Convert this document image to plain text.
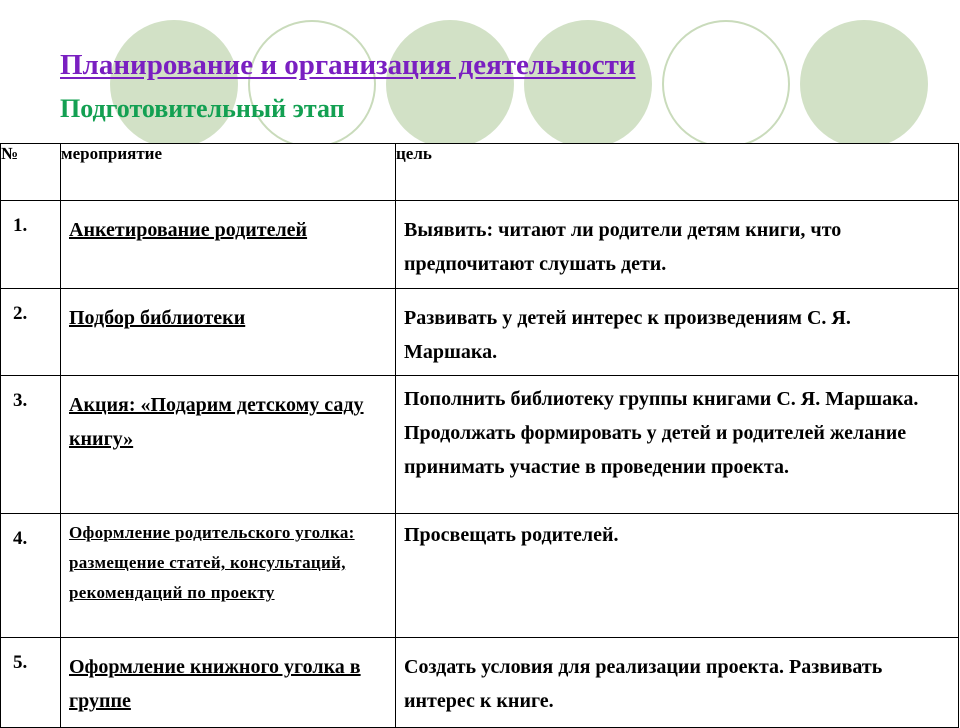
Планирование и организация деятельности
Подготовительный этап
№	мероприятие	цель

1.	Анкетирование родителей	Выявить: читают ли родители детям книги, что предпочитают слушать дети.

2.	Подбор библиотеки	Развивать у детей интерес к произведениям С. Я. Маршака.

3.	Акция: «Подарим детскому саду книгу»	Пополнить библиотеку группы книгами С. Я. Маршака. Продолжать формировать у детей и родителей желание принимать участие в проведении проекта.

4.	Оформление родительского уголка: размещение статей, консультаций, рекомендаций по проекту	Просвещать родителей.

5.	Оформление книжного уголка в группе	Создать условия для реализации проекта. Развивать интерес к книге.
